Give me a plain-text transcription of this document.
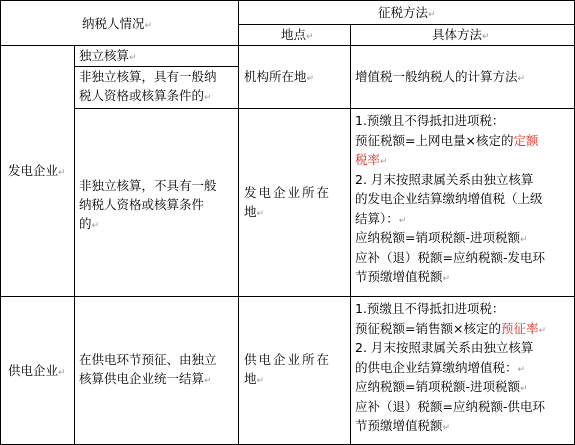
纳税人情况↵
征税方法↵
地点↵	具体方法↵
独立核算↵
非独立核算，具有一般纳
税人资格或核算条件的↵
机构所在地↵	增值税一般纳税人的计算方法↵
发电企业↵
非独立核算，不具有一般
纳税人资格或核算条件
的↵
发电企业所在
地↵
1.预缴且不得抵扣进项税：
预征税额=上网电量×核定的定额
税率↵
2. 月末按照隶属关系由独立核算
的发电企业结算缴纳增值税（上级
结算）：↵
应纳税额=销项税额-进项税额↵
应补（退）税额=应纳税额-发电环
节预缴增值税额↵
供电企业↵
在供电环节预征、由独立
核算供电企业统一结算↵
供电企业所在
地↵
1.预缴且不得抵扣进项税：
预征税额=销售额×核定的预征率↵
2. 月末按照隶属关系由独立核算
的供电企业结算缴纳增值税：↵
应纳税额=销项税额-进项税额↵
应补（退）税额=应纳税额-供电环
节预缴增值税额↵
